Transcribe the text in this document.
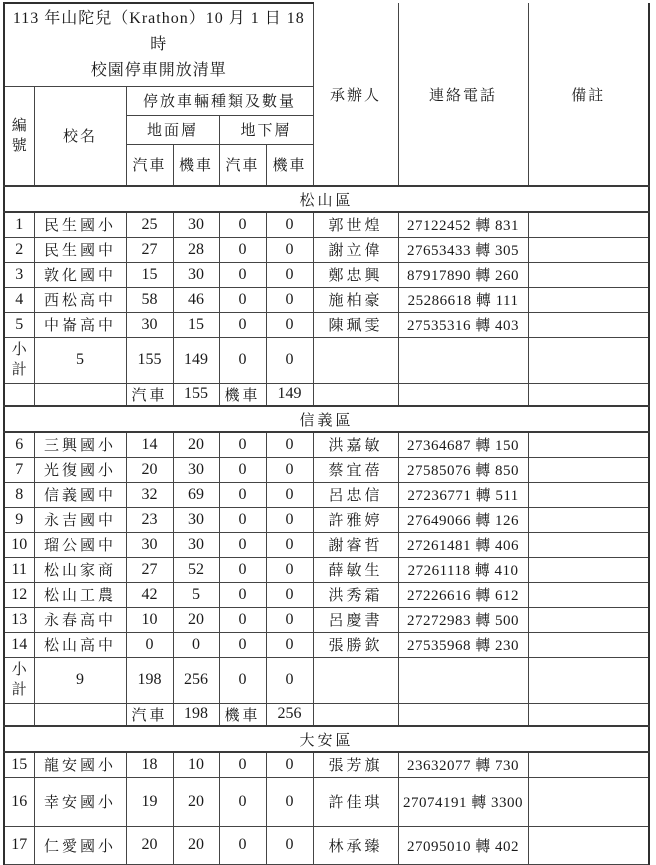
113 年山陀兒（Krathon）10 月 1 日 18 時
校園停車開放清單						承辦人	連絡電話	備註
編號	校名	停放車輛種類及數量						
		地面層		地下層				
		汽車	機車	汽車	機車			
松山區								
1	民生國小	25	30	0	0	郭世煌	27122452 轉 831	
2	民生國中	27	28	0	0	謝立偉	27653433 轉 305	
3	敦化國中	15	30	0	0	鄭忠興	87917890 轉 260	
4	西松高中	58	46	0	0	施柏豪	25286618 轉 111	
5	中崙高中	30	15	0	0	陳珮雯	27535316 轉 403	
小計	5	155	149	0	0			
		汽車	155	機車	149			
信義區								
6	三興國小	14	20	0	0	洪嘉敏	27364687 轉 150	
7	光復國小	20	30	0	0	蔡宜蓓	27585076 轉 850	
8	信義國中	32	69	0	0	呂忠信	27236771 轉 511	
9	永吉國中	23	30	0	0	許雅婷	27649066 轉 126	
10	瑠公國中	30	30	0	0	謝睿哲	27261481 轉 406	
11	松山家商	27	52	0	0	薛敏生	27261118 轉 410	
12	松山工農	42	5	0	0	洪秀霜	27226616 轉 612	
13	永春高中	10	20	0	0	呂慶書	27272983 轉 500	
14	松山高中	0	0	0	0	張勝欽	27535968 轉 230	
小計	9	198	256	0	0			
		汽車	198	機車	256			
大安區								
15	龍安國小	18	10	0	0	張芳旗	23632077 轉 730	
16	幸安國小	19	20	0	0	許佳琪	27074191 轉 3300	
17	仁愛國小	20	20	0	0	林承臻	27095010 轉 402	
